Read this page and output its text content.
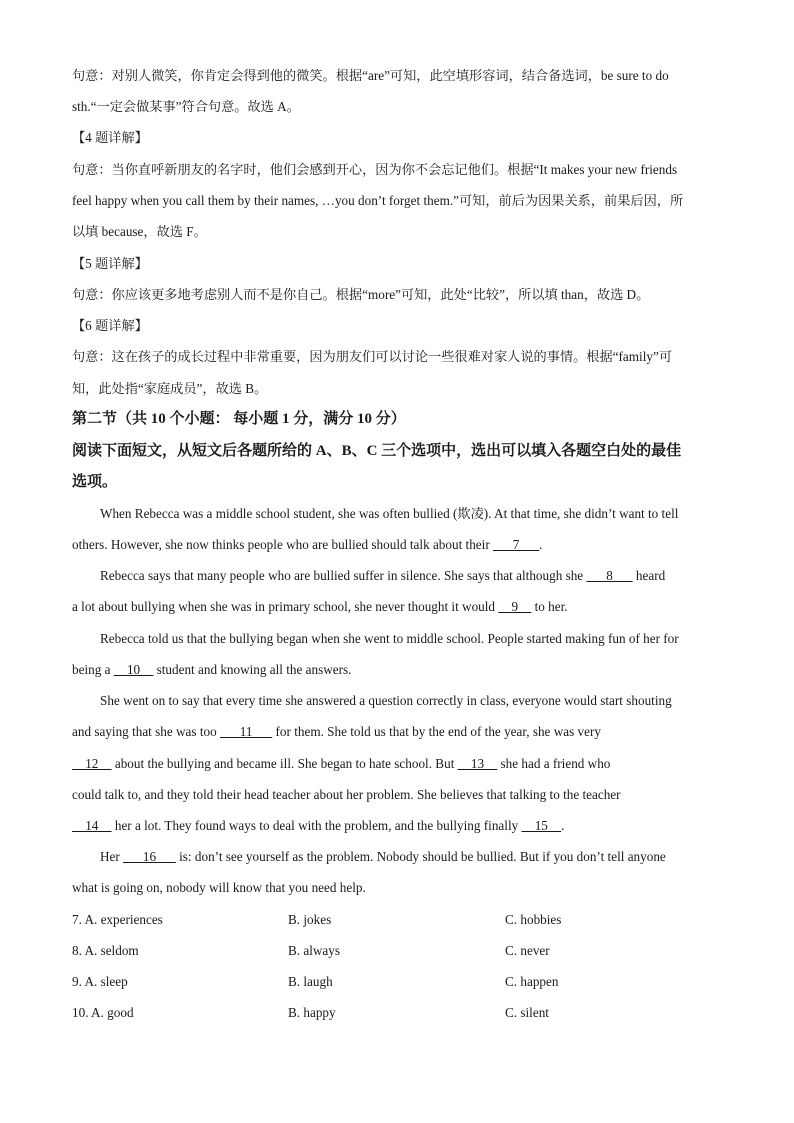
句意：对别人微笑，你肯定会得到他的微笑。根据“are”可知，此空填形容词，结合备选词，be sure to do
sth.“一定会做某事”符合句意。故选 A。
【4 题详解】
句意：当你直呼新朋友的名字时，他们会感到开心，因为你不会忘记他们。根据“It makes your new friends
feel happy when you call them by their names, …you don’t forget them.”可知，前后为因果关系，前果后因，所
以填 because，故选 F。
【5 题详解】
句意：你应该更多地考虑别人而不是你自己。根据“more”可知，此处“比较”，所以填 than，故选 D。
【6 题详解】
句意：这在孩子的成长过程中非常重要，因为朋友们可以讨论一些很难对家人说的事情。根据“family”可
知，此处指“家庭成员”，故选 B。
第二节（共 10 个小题： 每小题 1 分，满分 10 分）
阅读下面短文，从短文后各题所给的 A、B、C 三个选项中，选出可以填入各题空白处的最佳
选项。
When Rebecca was a middle school student, she was often bullied (欺凌). At that time, she didn’t want to tell
others. However, she now thinks people who are bullied should talk about their       7      .
Rebecca says that many people who are bullied suffer in silence. She says that although she       8       heard
a lot about bullying when she was in primary school, she never thought it would     9     to her.
Rebecca told us that the bullying began when she went to middle school. People started making fun of her for
being a     10     student and knowing all the answers.
She went on to say that every time she answered a question correctly in class, everyone would start shouting
and saying that she was too       11       for them. She told us that by the end of the year, she was very
12     about the bullying and became ill. She began to hate school. But     13     she had a friend who
could talk to, and they told their head teacher about her problem. She believes that talking to the teacher
14     her a lot. They found ways to deal with the problem, and the bullying finally     15    .
Her       16       is: don’t see yourself as the problem. Nobody should be bullied. But if you don’t tell anyone
what is going on, nobody will know that you need help.
7. A. experiences	B. jokes	C. hobbies
8. A. seldom	B. always	C. never
9. A. sleep	B. laugh	C. happen
10. A. good	B. happy	C. silent
